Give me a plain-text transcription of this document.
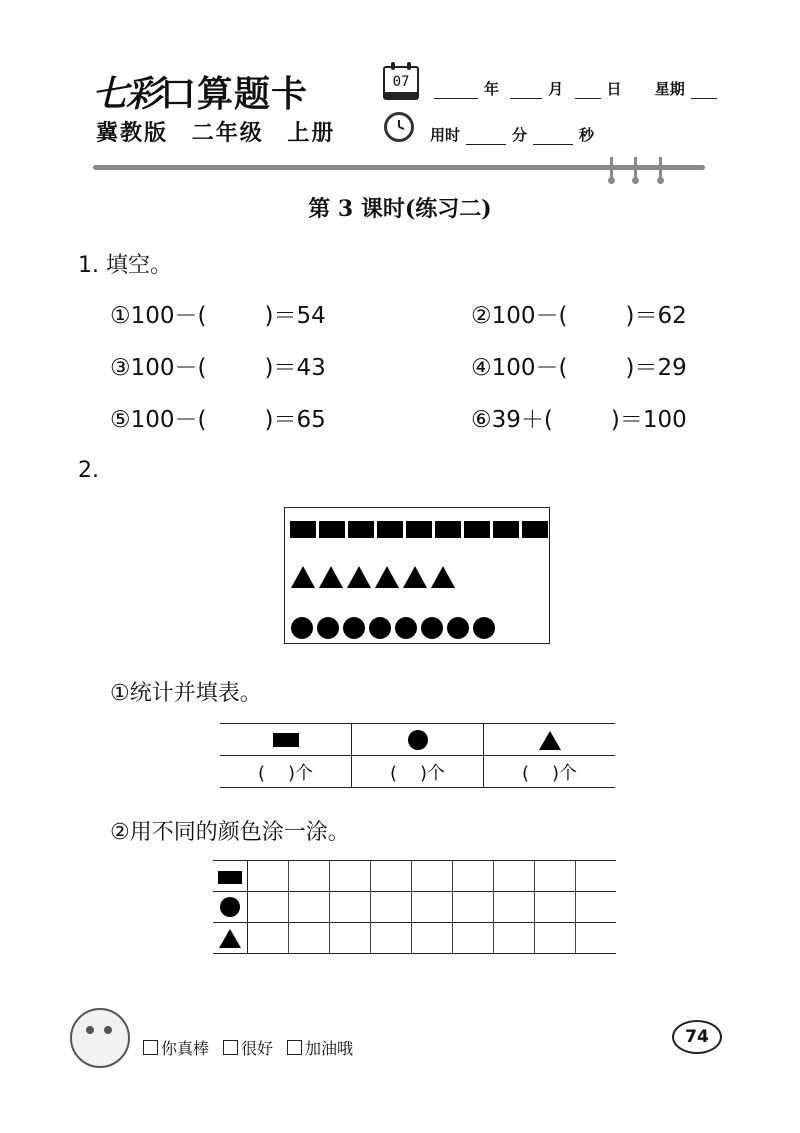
七彩口算题卡
冀教版 二年级 上册
07	年	月	日 星期
用时	分	秒
第 3 课时(练习二)
1. 填空。
①100－(	)＝54	②100－(	)＝62
③100－(	)＝43	④100－(	)＝29
⑤100－(	)＝65	⑥39＋(	)＝100
2.
①统计并填表。

(    )个	(    )个	(    )个
②用不同的颜色涂一涂。

你真棒	很好	加油哦
74
